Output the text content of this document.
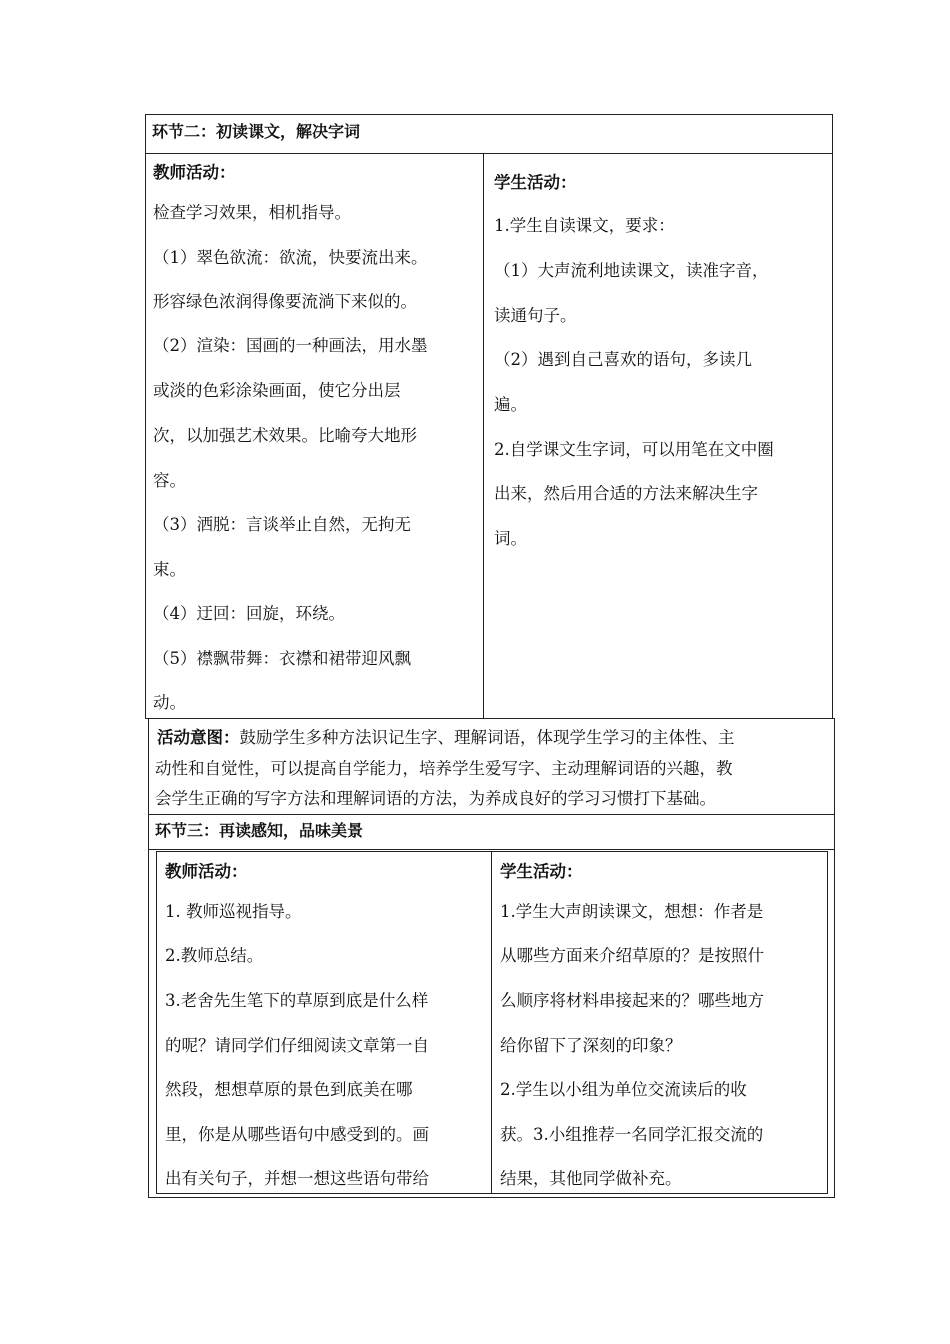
环节二：初读课文，解决字词
教师活动：
检查学习效果，相机指导。
（1）翠色欲流：欲流，快要流出来。
形容绿色浓润得像要流淌下来似的。
（2）渲染：国画的一种画法，用水墨
或淡的色彩涂染画面，使它分出层
次，以加强艺术效果。比喻夸大地形
容。
（3）洒脱：言谈举止自然，无拘无
束。
（4）迂回：回旋，环绕。
（5）襟飘带舞：衣襟和裙带迎风飘
动。
学生活动：
1.学生自读课文，要求：
（1）大声流利地读课文，读准字音，
读通句子。
（2）遇到自己喜欢的语句，多读几
遍。
2.自学课文生字词，可以用笔在文中圈
出来，然后用合适的方法来解决生字
词。
活动意图：鼓励学生多种方法识记生字、理解词语，体现学生学习的主体性、主
动性和自觉性，可以提高自学能力，培养学生爱写字、主动理解词语的兴趣，教
会学生正确的写字方法和理解词语的方法，为养成良好的学习习惯打下基础。
环节三：再读感知，品味美景
教师活动：
1. 教师巡视指导。
2.教师总结。
3.老舍先生笔下的草原到底是什么样
的呢？请同学们仔细阅读文章第一自
然段，想想草原的景色到底美在哪
里，你是从哪些语句中感受到的。画
出有关句子，并想一想这些语句带给
学生活动：
1.学生大声朗读课文，想想：作者是
从哪些方面来介绍草原的？是按照什
么顺序将材料串接起来的？哪些地方
给你留下了深刻的印象？
2.学生以小组为单位交流读后的收
获。3.小组推荐一名同学汇报交流的
结果，其他同学做补充。
